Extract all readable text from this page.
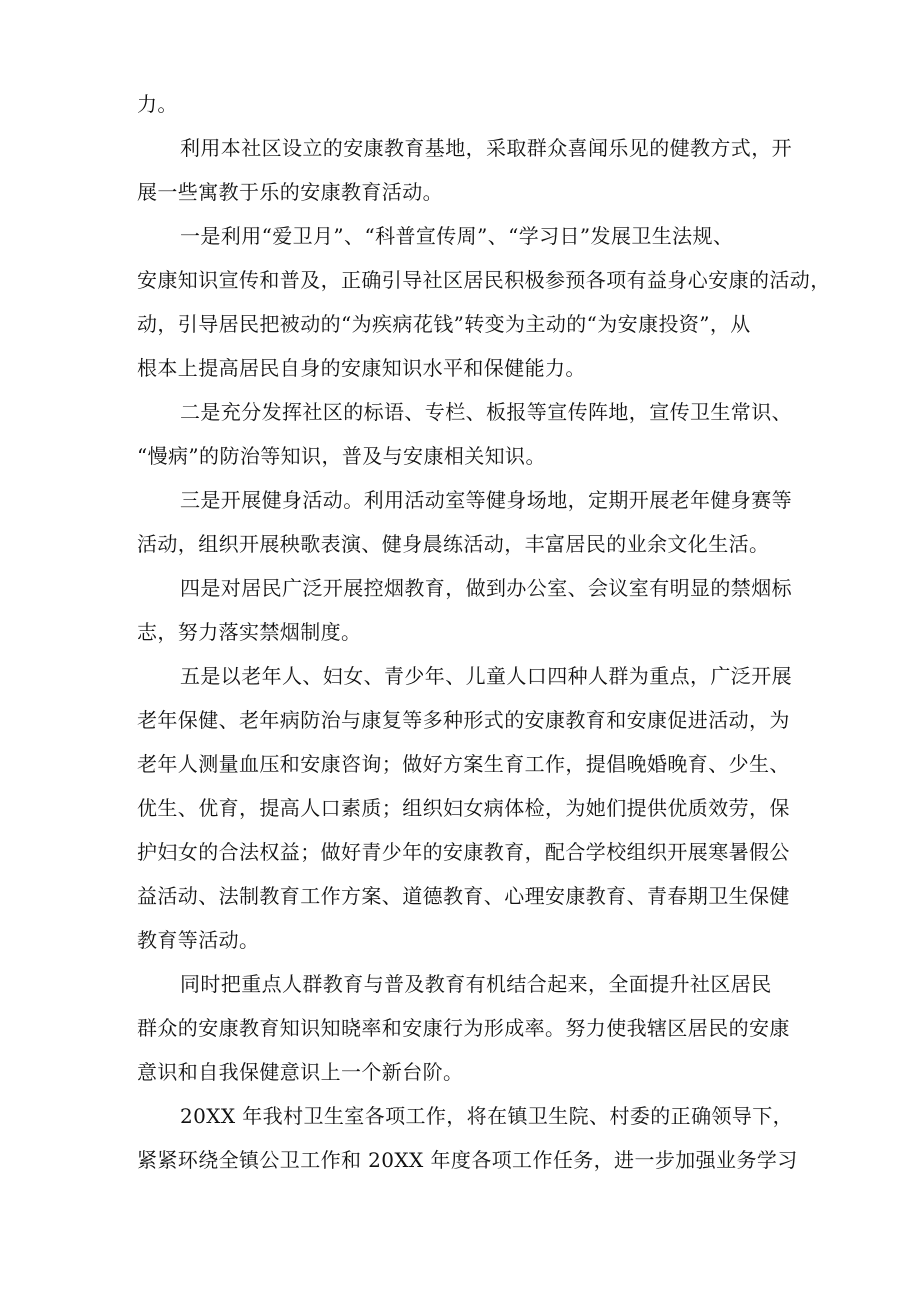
力。
利用本社区设立的安康教育基地，采取群众喜闻乐见的健教方式，开
展一些寓教于乐的安康教育活动。
一是利用“爱卫月”、“科普宣传周”、“学习日”发展卫生法规、
安康知识宣传和普及，正确引导社区居民积极参预各项有益身心安康的活动，
动，引导居民把被动的“为疾病花钱”转变为主动的“为安康投资”，从
根本上提高居民自身的安康知识水平和保健能力。
二是充分发挥社区的标语、专栏、板报等宣传阵地，宣传卫生常识、
“慢病”的防治等知识，普及与安康相关知识。
三是开展健身活动。利用活动室等健身场地，定期开展老年健身赛等
活动，组织开展秧歌表演、健身晨练活动，丰富居民的业余文化生活。
四是对居民广泛开展控烟教育，做到办公室、会议室有明显的禁烟标
志，努力落实禁烟制度。
五是以老年人、妇女、青少年、儿童人口四种人群为重点，广泛开展
老年保健、老年病防治与康复等多种形式的安康教育和安康促进活动，为
老年人测量血压和安康咨询；做好方案生育工作，提倡晚婚晚育、少生、
优生、优育，提高人口素质；组织妇女病体检，为她们提供优质效劳，保
护妇女的合法权益；做好青少年的安康教育，配合学校组织开展寒暑假公
益活动、法制教育工作方案、道德教育、心理安康教育、青春期卫生保健
教育等活动。
同时把重点人群教育与普及教育有机结合起来，全面提升社区居民
群众的安康教育知识知晓率和安康行为形成率。努力使我辖区居民的安康
意识和自我保健意识上一个新台阶。
20XX 年我村卫生室各项工作，将在镇卫生院、村委的正确领导下，
紧紧环绕全镇公卫工作和 20XX 年度各项工作任务，进一步加强业务学习
